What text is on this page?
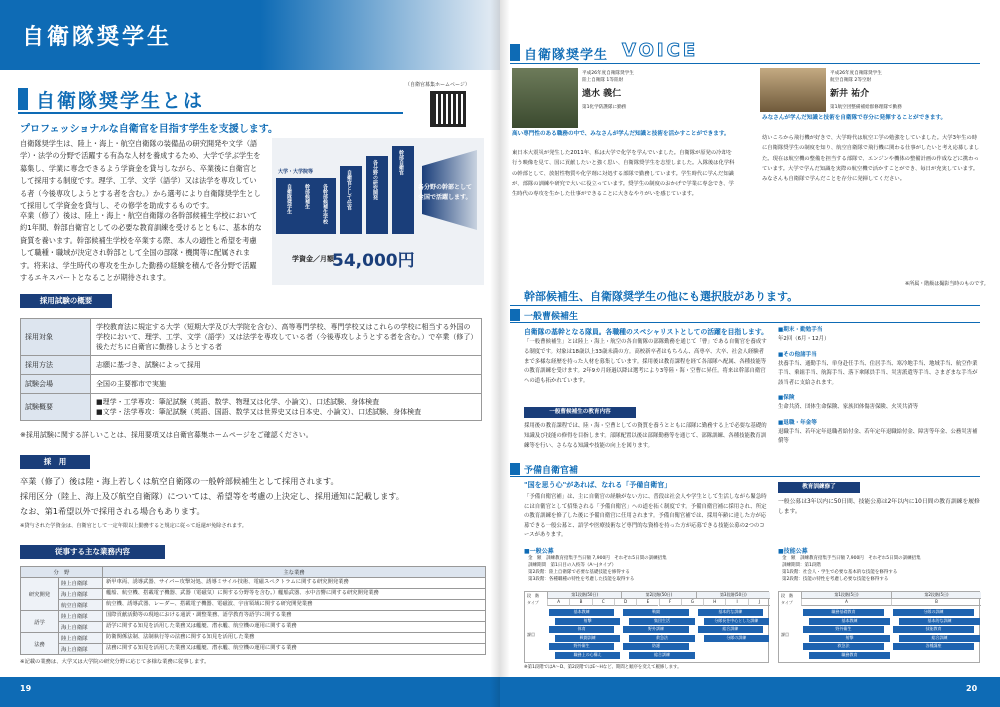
自衛隊奨学生
自衛隊奨学生とは
（自衛官募集ホームページ）
プロフェッショナルな自衛官を目指す学生を支援します。
自衛隊奨学生は、陸上・海上・航空自衛隊の装備品の研究開発や文学（語学）・法学の分野で活躍する有為な人材を養成するため、大学で学ぶ学生を募集し、学業に専念できるよう学資金を貸与しながら、卒業後に自衛官として採用する制度です。理学、工学、文学（語学）又は法学を専攻している者（今後専攻しようとする者を含む。）から選考により自衛隊奨学生として採用して学資金を貸与し、その修学を助成するものです。
卒業（修了）後は、陸上・海上・航空自衛隊の各幹部候補生学校において約1年間、幹部自衛官としての必要な教育訓練を受けるとともに、基本的な資質を養います。幹部候補生学校を卒業する際、本人の適性と希望を考慮して職種・職域が決定され幹部として全国の部隊・機関等に配属されます。将来は、学生時代の専攻を生かした勤務の経験を積んで各分野で活躍するエキスパートとなることが期待されます。
大学・大学院等
自衛隊奨学生	幹部候補生	各幹部候補生学校	自衛官として任官	各分野の研究開発	幹部自衛官
各分野の幹部として
全国で活躍します。
学資金／月額
54,000円
採用試験の概要
採用対象	学校教育法に規定する大学（短期大学及び大学院を含む）、高等専門学校、専門学校又はこれらの学校に相当する外国の学校において、理学、工学、文学（語学）又は法学を専攻している者（今後専攻しようとする者を含む。）で卒業（修了）後ただちに自衛官に勤務しようとする者
採用方法	志願に基づき、試験によって採用
試験会場	全国の主要都市で実施
試験概要	■理学・工学専攻：筆記試験（英語、数学、物理又は化学、小論文）、口述試験、身体検査
■文学・法学専攻：筆記試験（英語、国語、数学又は世界史又は日本史、小論文）、口述試験、身体検査
※採用試験に関する詳しいことは、採用要項又は自衛官募集ホームページをご確認ください。
採　用
卒業（修了）後は陸・海上若しくは航空自衛隊の一般幹部候補生として採用されます。
採用区分（陸上、海上及び航空自衛隊）については、希望等を考慮の上決定し、採用通知に記載します。
なお、第1希望以外で採用される場合もあります。
※貸与された学資金は、自衛官として一定年限以上勤務すると規定に従って返還が免除されます。
従事する主な業務内容
分　野		主な業務
研究開発	陸上自衛隊	新甲車両、誘導武器、サイバー攻撃対処、誘導ミサイル技術、電磁スペクトラムに関する研究開発業務
	海上自衛隊	艦船、航空機、搭載電子機器、武器（電磁気）に関する分野等を含む。）艦船武器、水中音響に関する研究開発業務
	航空自衛隊	航空機、誘導武器、レーダー、搭載電子機器、電磁波、宇宙領域に関する研究開発業務
語学	陸上自衛隊	国際貢献活動等の現地における通訳・調整業務、語学教育等語学に関する業務
	海上自衛隊	語学に関する知見を活用した業務又は艦艇、潜水艦、航空機の運用に関する業務
法務	陸上自衛隊	防衛関係法制、法制執行等の法務に関する知見を活用した業務
	海上自衛隊	法務に関する知見を活用した業務又は艦艇、潜水艦、航空機の運用に関する業務
※記載の業務は、大学又は大学院の研究分野に応じて多様な業務に従事します。
19
自衛隊奨学生 VOICE
平成26年度自衛隊奨学生
陸上自衛隊 1等陸尉
遠水 義仁
第1化学防護隊に勤務
高い専門性のある職務の中で、みなさんが学んだ知識と技術を活かすことができます。
東日本大震災が発生した2011年、私は大学で化学を学んでいました。自衛隊が原発の冷却を行う映像を見て、国に貢献したいと強く思い、自衛隊奨学生を志望しました。入隊後は化学科の幹部として、放射性物質や化学剤に対処する部隊で勤務しています。学生時代に学んだ知識が、部隊の訓練や研究で大いに役立っています。奨学生の制度のおかげで学業に専念でき、学生時代の専攻を生かした仕事ができることに大きなやりがいを感じています。
平成26年度自衛隊奨学生
航空自衛隊 2等空尉
新井 祐介
第1航空団整備補給群修理隊で勤務
みなさんが学んだ知識と技術を自衛隊で存分に発揮することができます。
幼いころから飛行機が好きで、大学時代は航空工学の勉強をしていました。大学3年生の時に自衛隊奨学生の制度を知り、航空自衛隊で飛行機に関わる仕事がしたいと考え応募しました。現在は航空機の整備を担当する部隊で、エンジンや機体の整備計画の作成などに携わっています。大学で学んだ知識を実際の航空機で活かすことができ、毎日が充実しています。みなさんも自衛隊で学んだことを存分に発揮してください。
※所属・階級は撮影当時のものです。
幹部候補生、自衛隊奨学生の他にも選択肢があります。
一般曹候補生
自衛隊の基幹となる隊員。各職種のスペシャリストとしての活躍を目指します。
「一般曹候補生」とは陸上・海上・航空の各自衛隊の部隊勤務を通じて「曹」である自衛官を養成する制度です。対象は18歳以上33歳未満の方。高校新卒者はもちろん、高専卒、大卒、社会人経験者まで多様な経歴を持った人材を募集しています。採用後は教育課程を経て各部隊へ配属、各種技能等の教育訓練を受けます。2年9カ月経過以降は選考により3等陸・海・空曹に昇任。将来は幹部自衛官への道も拓かれています。
一般曹候補生の教育内容
採用後の教育課程では、陸・海・空曹としての資質を養うとともに部隊に勤務する上で必要な基礎的知識及び技能の修得を目指します。部隊配置以後は部隊勤務等を通じて、部隊訓練、各種技能教育訓練等を行い、さらなる知識や技能の向上を図ります。
■期末・勤勉手当
年2回（6月・12月）
■その他諸手当
扶養手当、通勤手当、単身赴任手当、住居手当、寒冷地手当、地域手当、航空作業手当、乗組手当、航海手当、落下傘隊員手当、災害派遣等手当、さまざまな手当が該当者に支給されます。
■保険
生命共済、団体生命保険、家族団体傷害保険、火災共済等
■退職・年金等
退職手当、若年定年退職者給付金、若年定年退職給付金、障害等年金、公務災害補償等
予備自衛官補
"国を思う心"があれば、なれる「予備自衛官」
「予備自衛官補」は、主に自衛官の経験がない方に、普段は社会人や学生として生活しながら緊急時には自衛官として招集される「予備自衛官」への道を拓く制度です。予備自衛官補に採用され、所定の教育訓練を修了した後に予備自衛官に任用されます。予備自衛官補では、採用年齢に達した方が応募できる一般公募と、語学や医療技術など専門的な資格を持った方が応募できる技能公募の2つのコースがあります。
教育訓練修了
一般公募は3年以内に50日間、技能公募は2年以内に10日間の教育訓練を履修します。
■一般公募
金　額　訓練教育招集手当日額 7,900円　それぞれ5日間の訓練招集
訓練期間　第1日目の入校等（A〜Jタイプ）
第2段階：陸上自衛隊で必要な基礎技能を修得する
第3段階：各種職種の特性を考慮した技能を取得する
段　階
タイプ
課目
第1段階(50日)	第2段階(50日)	第3段階(50日)
A	B	C	D	E	F	G	H	I	J
基本教練
射撃
体育
戦闘訓練
野外衛生
職務上の心構え
戦闘
集団生活
野外訓練
救急法
防護
総合訓練
基本的な訓練
分隊長を中心とした訓練
総合訓練
分隊の訓練
※第1段階ではA〜D、第2段階ではE〜Hなど、期間と順序を変えて履修します。
■技能公募
金　額　訓練教育招集手当日額 7,900円　それぞれ5日間の訓練招集
訓練期間：第1段階
第1段階：社会人・学生で必要な基本的な技能を修得する
第2段階：技能の特性を考慮し必要な技能を修得する
段　階
タイプ
課目
第1段階(5日)	第2段階(5日)
A	B
職務基礎教育
基本教練
野外衛生
射撃
救急法
職務教育
分隊の訓練
基本的な訓練
技能教育
総合訓練
各種講座
20
